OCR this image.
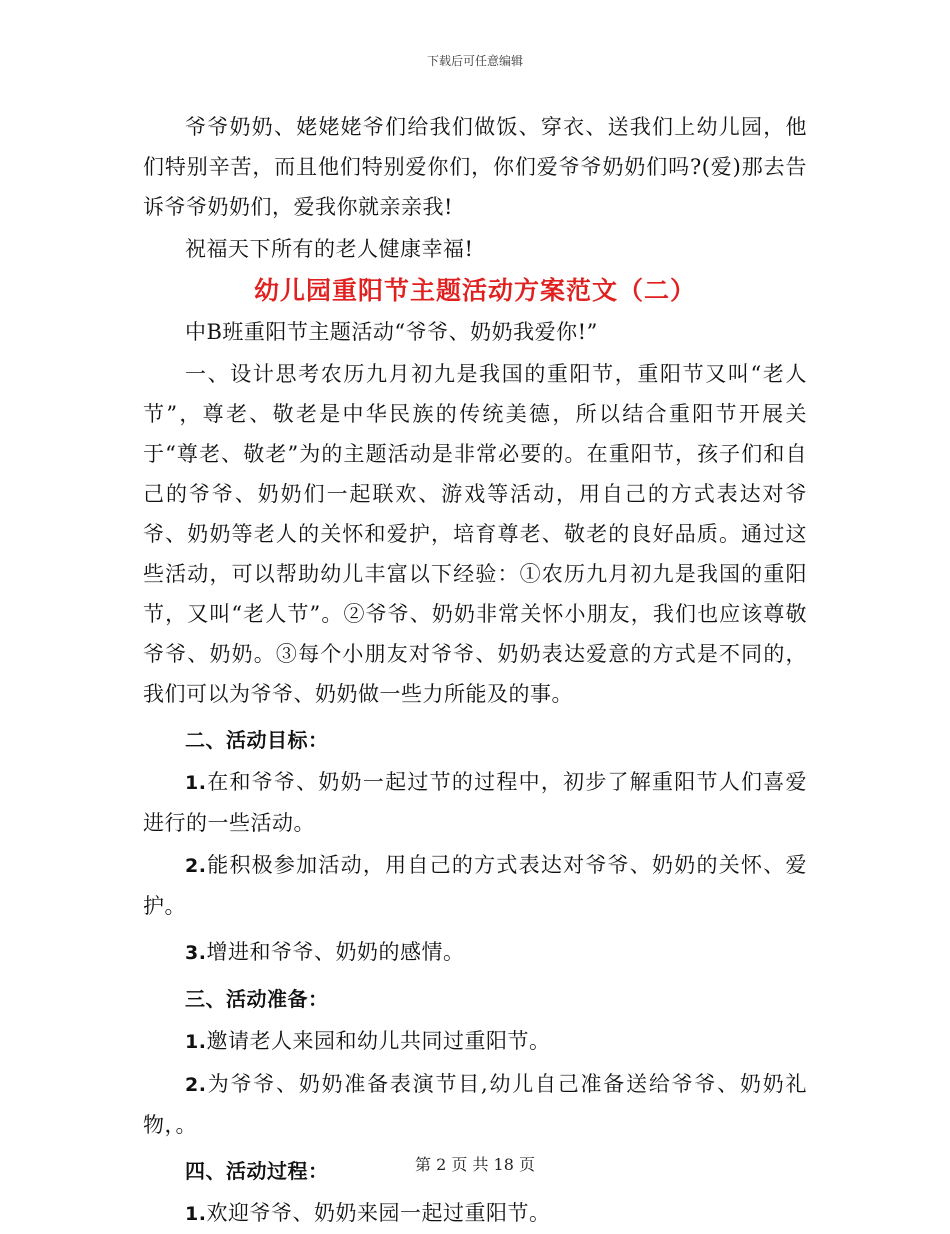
下载后可任意编辑

爷爷奶奶、姥姥姥爷们给我们做饭、穿衣、送我们上幼儿园，他们特别辛苦，而且他们特别爱你们，你们爱爷爷奶奶们吗?(爱)那去告诉爷爷奶奶们，爱我你就亲亲我!

祝福天下所有的老人健康幸福!

幼儿园重阳节主题活动方案范文（二）

中B班重阳节主题活动“爷爷、奶奶我爱你!”

一、设计思考农历九月初九是我国的重阳节，重阳节又叫“老人节”，尊老、敬老是中华民族的传统美德，所以结合重阳节开展关于“尊老、敬老”为的主题活动是非常必要的。在重阳节，孩子们和自己的爷爷、奶奶们一起联欢、游戏等活动，用自己的方式表达对爷爷、奶奶等老人的关怀和爱护，培育尊老、敬老的良好品质。通过这些活动，可以帮助幼儿丰富以下经验：①农历九月初九是我国的重阳节，又叫“老人节”。②爷爷、奶奶非常关怀小朋友，我们也应该尊敬爷爷、奶奶。③每个小朋友对爷爷、奶奶表达爱意的方式是不同的，我们可以为爷爷、奶奶做一些力所能及的事。

二、活动目标：

1.在和爷爷、奶奶一起过节的过程中，初步了解重阳节人们喜爱进行的一些活动。

2.能积极参加活动，用自己的方式表达对爷爷、奶奶的关怀、爱护。

3.增进和爷爷、奶奶的感情。

三、活动准备：

1.邀请老人来园和幼儿共同过重阳节。

2.为爷爷、奶奶准备表演节目,幼儿自己准备送给爷爷、奶奶礼物，。

四、活动过程：

1.欢迎爷爷、奶奶来园一起过重阳节。

第 2 页 共 18 页
